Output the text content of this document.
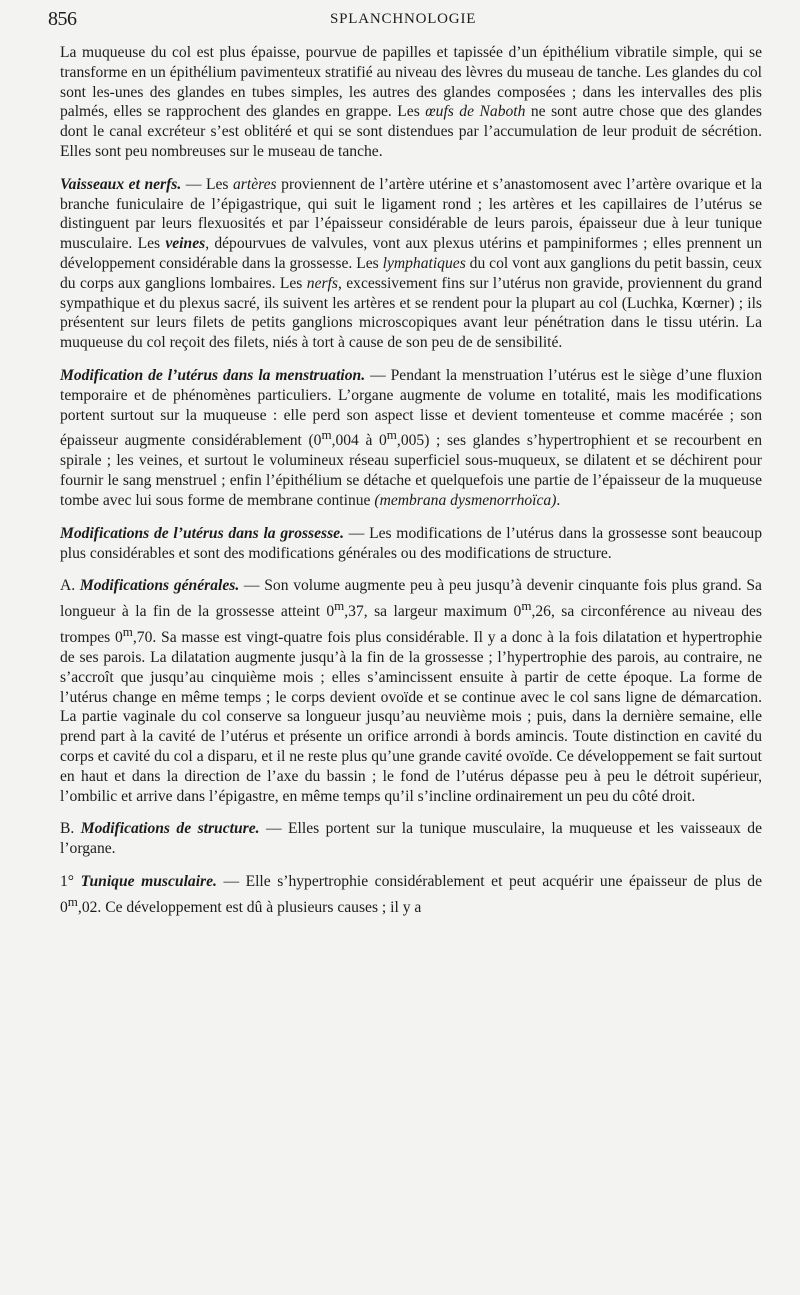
856	SPLANCHNOLOGIE

La muqueuse du col est plus épaisse, pourvue de papilles et tapissée d’un épithélium vibratile simple, qui se transforme en un épithélium pavimenteux stratifié au niveau des lèvres du museau de tanche. Les glandes du col sont les-unes des glandes en tubes simples, les autres des glandes composées ; dans les intervalles des plis palmés, elles se rapprochent des glandes en grappe. Les œufs de Naboth ne sont autre chose que des glandes dont le canal excréteur s’est oblitéré et qui se sont distendues par l’accumulation de leur produit de sécrétion. Elles sont peu nombreuses sur le museau de tanche.

Vaisseaux et nerfs. — Les artères proviennent de l’artère utérine et s’anastomosent avec l’artère ovarique et la branche funiculaire de l’épigastrique, qui suit le ligament rond ; les artères et les capillaires de l’utérus se distinguent par leurs flexuosités et par l’épaisseur considérable de leurs parois, épaisseur due à leur tunique musculaire. Les veines, dépourvues de valvules, vont aux plexus utérins et pampiniformes ; elles prennent un développement considérable dans la grossesse. Les lymphatiques du col vont aux ganglions du petit bassin, ceux du corps aux ganglions lombaires. Les nerfs, excessivement fins sur l’utérus non gravide, proviennent du grand sympathique et du plexus sacré, ils suivent les artères et se rendent pour la plupart au col (Luchka, Kœrner) ; ils présentent sur leurs filets de petits ganglions microscopiques avant leur pénétration dans le tissu utérin. La muqueuse du col reçoit des filets, niés à tort à cause de son peu de de sensibilité.

Modification de l’utérus dans la menstruation. — Pendant la menstruation l’utérus est le siège d’une fluxion temporaire et de phénomènes particuliers. L’organe augmente de volume en totalité, mais les modifications portent surtout sur la muqueuse : elle perd son aspect lisse et devient tomenteuse et comme macérée ; son épaisseur augmente considérablement (0$^m$,004 à 0$^m$,005) ; ses glandes s’hypertrophient et se recourbent en spirale ; les veines, et surtout le volumineux réseau superficiel sous-muqueux, se dilatent et se déchirent pour fournir le sang menstruel ; enfin l’épithélium se détache et quelquefois une partie de l’épaisseur de la muqueuse tombe avec lui sous forme de membrane continue (membrana dysmenorrhoïca).

Modifications de l’utérus dans la grossesse. — Les modifications de l’utérus dans la grossesse sont beaucoup plus considérables et sont des modifications générales ou des modifications de structure.

A. Modifications générales. — Son volume augmente peu à peu jusqu’à devenir cinquante fois plus grand. Sa longueur à la fin de la grossesse atteint 0$^m$,37, sa largeur maximum 0$^m$,26, sa circonférence au niveau des trompes 0$^m$,70. Sa masse est vingt-quatre fois plus considérable. Il y a donc à la fois dilatation et hypertrophie de ses parois. La dilatation augmente jusqu’à la fin de la grossesse ; l’hypertrophie des parois, au contraire, ne s’accroît que jusqu’au cinquième mois ; elles s’amincissent ensuite à partir de cette époque. La forme de l’utérus change en même temps ; le corps devient ovoïde et se continue avec le col sans ligne de démarcation. La partie vaginale du col conserve sa longueur jusqu’au neuvième mois ; puis, dans la dernière semaine, elle prend part à la cavité de l’utérus et présente un orifice arrondi à bords amincis. Toute distinction en cavité du corps et cavité du col a disparu, et il ne reste plus qu’une grande cavité ovoïde. Ce développement se fait surtout en haut et dans la direction de l’axe du bassin ; le fond de l’utérus dépasse peu à peu le détroit supérieur, l’ombilic et arrive dans l’épigastre, en même temps qu’il s’incline ordinairement un peu du côté droit.

B. Modifications de structure. — Elles portent sur la tunique musculaire, la muqueuse et les vaisseaux de l’organe.

1° Tunique musculaire. — Elle s’hypertrophie considérablement et peut acquérir une épaisseur de plus de 0$^m$,02. Ce développement est dû à plusieurs causes ; il y a
